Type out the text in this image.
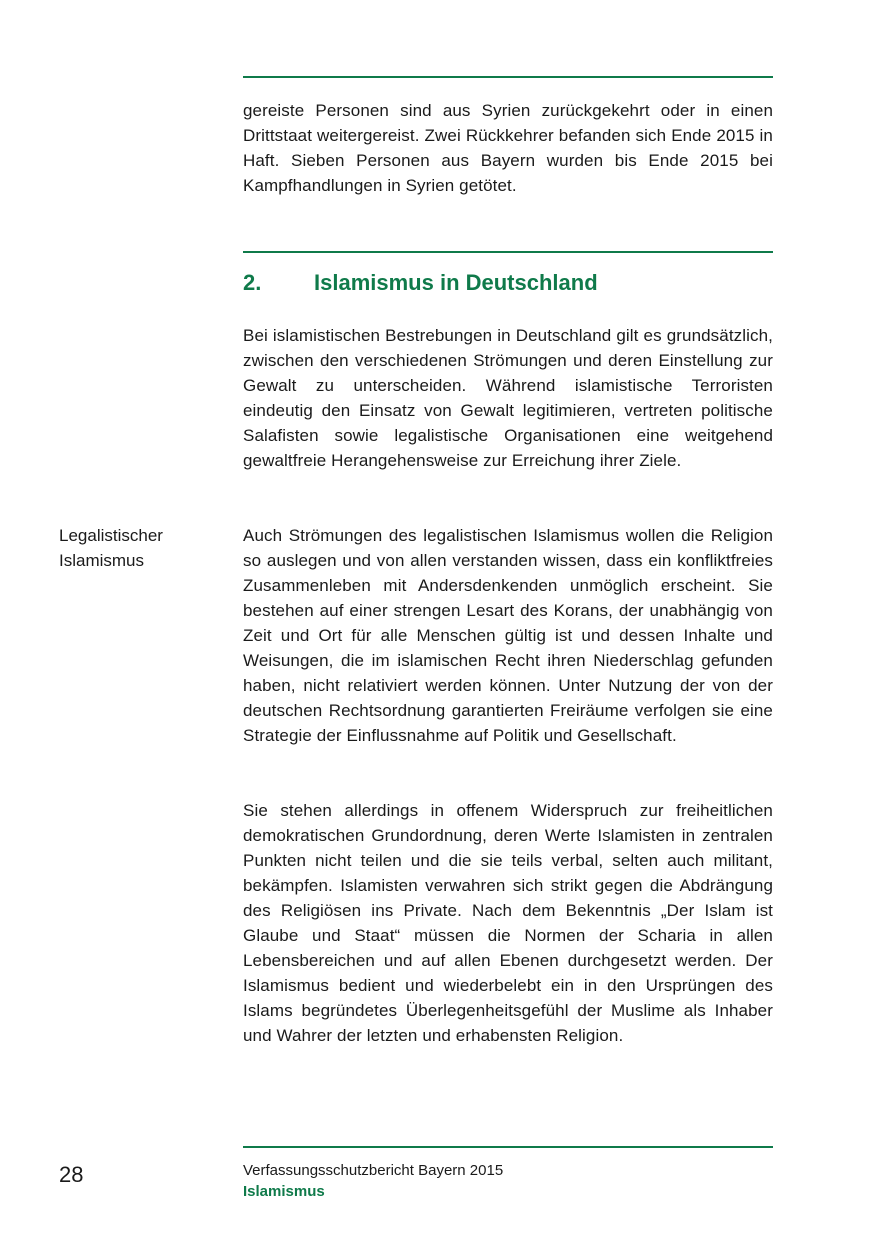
gereiste Personen sind aus Syrien zurückgekehrt oder in einen Drittstaat weitergereist. Zwei Rückkehrer befanden sich Ende 2015 in Haft. Sieben Personen aus Bayern wurden bis Ende 2015 bei Kampfhandlungen in Syrien getötet.

2. Islamismus in Deutschland

Bei islamistischen Bestrebungen in Deutschland gilt es grundsätzlich, zwischen den verschiedenen Strömungen und deren Einstellung zur Gewalt zu unterscheiden. Während islamistische Terroristen eindeutig den Einsatz von Gewalt legitimieren, vertreten politische Salafisten sowie legalistische Organisationen eine weitgehend gewaltfreie Herangehensweise zur Erreichung ihrer Ziele.

Legalistischer
Islamismus

Auch Strömungen des legalistischen Islamismus wollen die Religion so auslegen und von allen verstanden wissen, dass ein konfliktfreies Zusammenleben mit Andersdenkenden unmöglich erscheint. Sie bestehen auf einer strengen Lesart des Korans, der unabhängig von Zeit und Ort für alle Menschen gültig ist und dessen Inhalte und Weisungen, die im islamischen Recht ihren Niederschlag gefunden haben, nicht relativiert werden können. Unter Nutzung der von der deutschen Rechtsordnung garantierten Freiräume verfolgen sie eine Strategie der Einflussnahme auf Politik und Gesellschaft.

Sie stehen allerdings in offenem Widerspruch zur freiheitlichen demokratischen Grundordnung, deren Werte Islamisten in zentralen Punkten nicht teilen und die sie teils verbal, selten auch militant, bekämpfen. Islamisten verwahren sich strikt gegen die Abdrängung des Religiösen ins Private. Nach dem Bekenntnis „Der Islam ist Glaube und Staat“ müssen die Normen der Scharia in allen Lebensbereichen und auf allen Ebenen durchgesetzt werden. Der Islamismus bedient und wiederbelebt ein in den Ursprüngen des Islams begründetes Überlegenheitsgefühl der Muslime als Inhaber und Wahrer der letzten und erhabensten Religion.

28	Verfassungsschutzbericht Bayern 2015
Islamismus
